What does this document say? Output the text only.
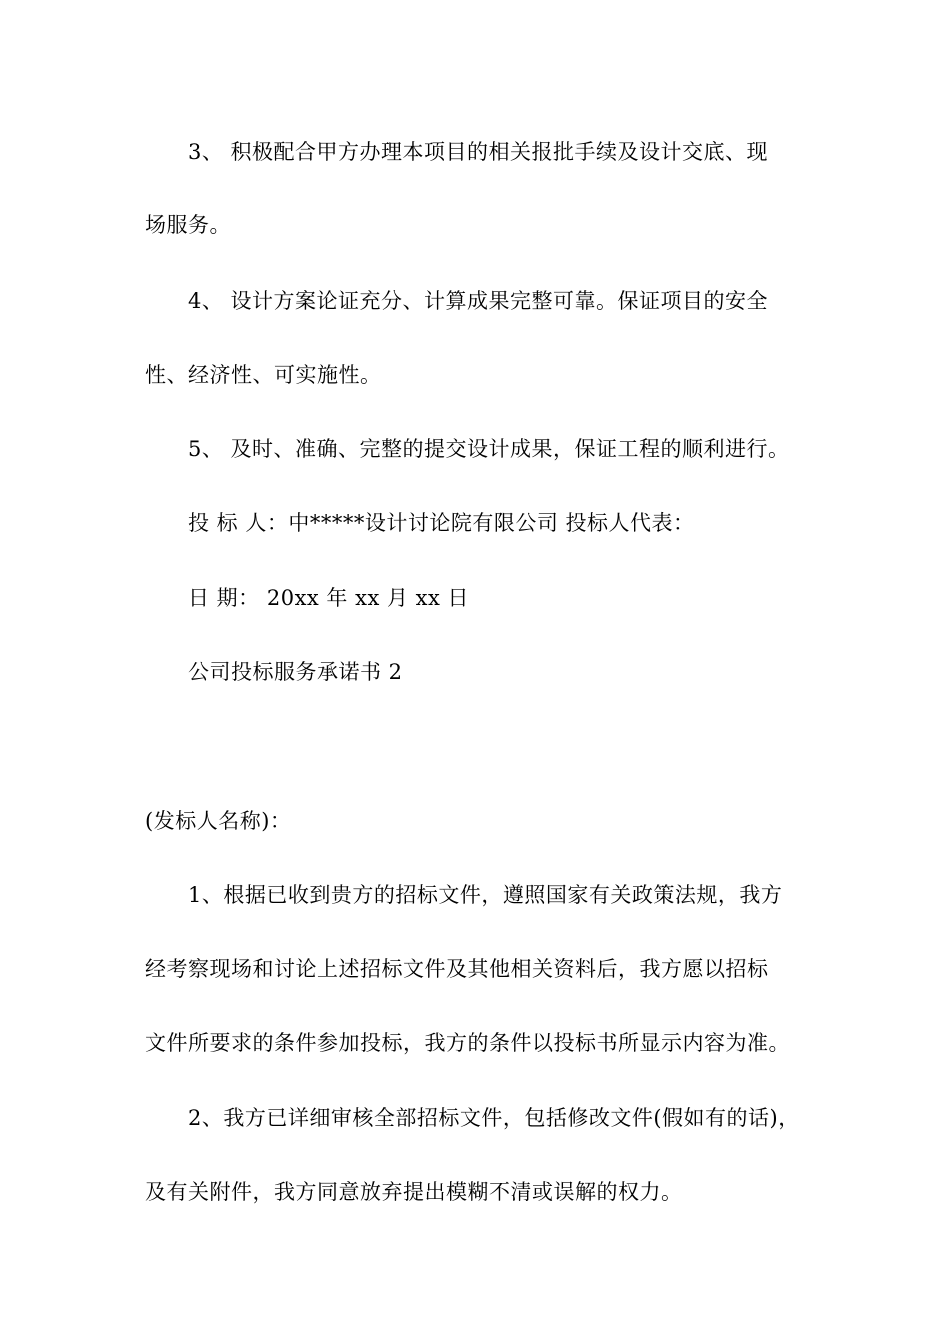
3、 积极配合甲方办理本项目的相关报批手续及设计交底、现
场服务。
4、 设计方案论证充分、计算成果完整可靠。保证项目的安全
性、经济性、可实施性。
5、 及时、准确、完整的提交设计成果，保证工程的顺利进行。
投 标 人：中*****设计讨论院有限公司 投标人代表：
日 期： 20xx 年 xx 月 xx 日
公司投标服务承诺书 2
(发标人名称)：
1、根据已收到贵方的招标文件，遵照国家有关政策法规，我方
经考察现场和讨论上述招标文件及其他相关资料后，我方愿以招标
文件所要求的条件参加投标，我方的条件以投标书所显示内容为准。
2、我方已详细审核全部招标文件，包括修改文件(假如有的话)，
及有关附件，我方同意放弃提出模糊不清或误解的权力。
